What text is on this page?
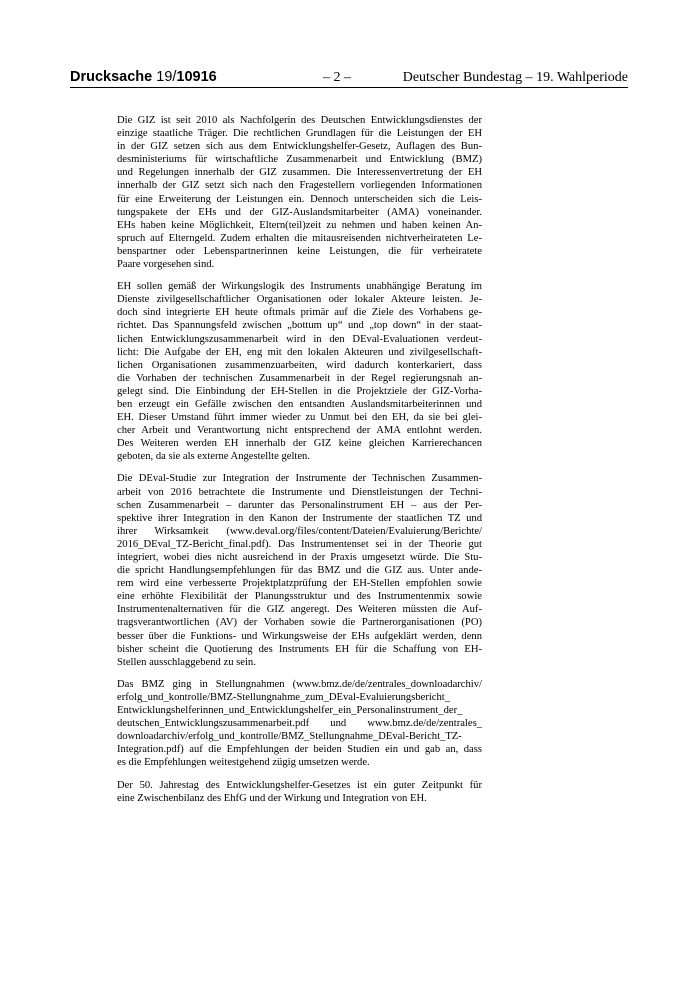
Drucksache 19/10916	– 2 –	Deutscher Bundestag – 19. Wahlperiode
Die GIZ ist seit 2010 als Nachfolgerin des Deutschen Entwicklungsdienstes der
einzige staatliche Träger. Die rechtlichen Grundlagen für die Leistungen der EH
in der GIZ setzen sich aus dem Entwicklungshelfer-Gesetz, Auflagen des Bun-
desministeriums für wirtschaftliche Zusammenarbeit und Entwicklung (BMZ)
und Regelungen innerhalb der GIZ zusammen. Die Interessenvertretung der EH
innerhalb der GIZ setzt sich nach den Fragestellern vorliegenden Informationen
für eine Erweiterung der Leistungen ein. Dennoch unterscheiden sich die Leis-
tungspakete der EHs und der GIZ-Auslandsmitarbeiter (AMA) voneinander.
EHs haben keine Möglichkeit, Eltern(teil)zeit zu nehmen und haben keinen An-
spruch auf Elterngeld. Zudem erhalten die mitausreisenden nichtverheirateten Le-
benspartner oder Lebenspartnerinnen keine Leistungen, die für verheiratete
Paare vorgesehen sind.
EH sollen gemäß der Wirkungslogik des Instruments unabhängige Beratung im
Dienste zivilgesellschaftlicher Organisationen oder lokaler Akteure leisten. Je-
doch sind integrierte EH heute oftmals primär auf die Ziele des Vorhabens ge-
richtet. Das Spannungsfeld zwischen „bottum up“ und „top down“ in der staat-
lichen Entwicklungszusammenarbeit wird in den DEval-Evaluationen verdeut-
licht: Die Aufgabe der EH, eng mit den lokalen Akteuren und zivilgesellschaft-
lichen Organisationen zusammenzuarbeiten, wird dadurch konterkariert, dass
die Vorhaben der technischen Zusammenarbeit in der Regel regierungsnah an-
gelegt sind. Die Einbindung der EH-Stellen in die Projektziele der GIZ-Vorha-
ben erzeugt ein Gefälle zwischen den entsandten Auslandsmitarbeiterinnen und
EH. Dieser Umstand führt immer wieder zu Unmut bei den EH, da sie bei glei-
cher Arbeit und Verantwortung nicht entsprechend der AMA entlohnt werden.
Des Weiteren werden EH innerhalb der GIZ keine gleichen Karrierechancen
geboten, da sie als externe Angestellte gelten.
Die DEval-Studie zur Integration der Instrumente der Technischen Zusammen-
arbeit von 2016 betrachtete die Instrumente und Dienstleistungen der Techni-
schen Zusammenarbeit – darunter das Personalinstrument EH – aus der Per-
spektive ihrer Integration in den Kanon der Instrumente der staatlichen TZ und
ihrer Wirksamkeit (www.deval.org/files/content/Dateien/Evaluierung/Berichte/
2016_DEval_TZ-Bericht_final.pdf). Das Instrumentenset sei in der Theorie gut
integriert, wobei dies nicht ausreichend in der Praxis umgesetzt würde. Die Stu-
die spricht Handlungsempfehlungen für das BMZ und die GIZ aus. Unter ande-
rem wird eine verbesserte Projektplatzprüfung der EH-Stellen empfohlen sowie
eine erhöhte Flexibilität der Planungsstruktur und des Instrumentenmix sowie
Instrumentenalternativen für die GIZ angeregt. Des Weiteren müssten die Auf-
tragsverantwortlichen (AV) der Vorhaben sowie die Partnerorganisationen (PO)
besser über die Funktions- und Wirkungsweise der EHs aufgeklärt werden, denn
bisher scheint die Quotierung des Instruments EH für die Schaffung von EH-
Stellen ausschlaggebend zu sein.
Das BMZ ging in Stellungnahmen (www.bmz.de/de/zentrales_downloadarchiv/
erfolg_und_kontrolle/BMZ-Stellungnahme_zum_DEval-Evaluierungsbericht_
Entwicklungshelferinnen_und_Entwicklungshelfer_ein_Personalinstrument_der_
deutschen_Entwicklungszusammenarbeit.pdf und www.bmz.de/de/zentrales_
downloadarchiv/erfolg_und_kontrolle/BMZ_Stellungnahme_DEval-Bericht_TZ-
Integration.pdf) auf die Empfehlungen der beiden Studien ein und gab an, dass
es die Empfehlungen weitestgehend zügig umsetzen werde.
Der 50. Jahrestag des Entwicklungshelfer-Gesetzes ist ein guter Zeitpunkt für
eine Zwischenbilanz des EhfG und der Wirkung und Integration von EH.
